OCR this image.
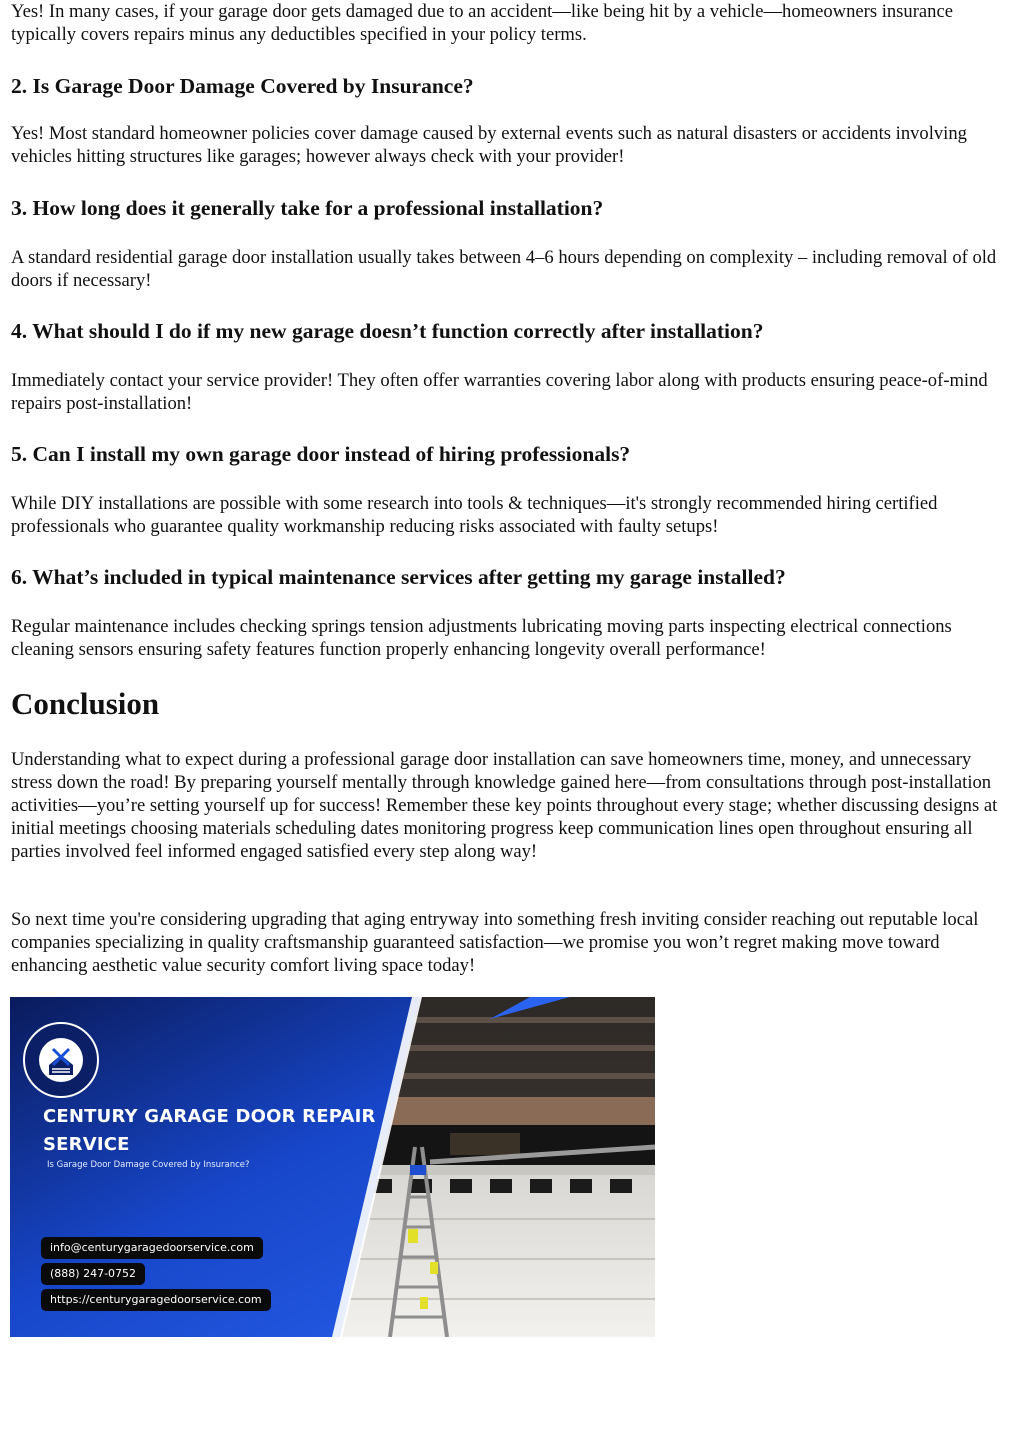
Yes! In many cases, if your garage door gets damaged due to an accident—like being hit by a vehicle—homeowners insurance typically covers repairs minus any deductibles specified in your policy terms.

2. Is Garage Door Damage Covered by Insurance?

Yes! Most standard homeowner policies cover damage caused by external events such as natural disasters or accidents involving vehicles hitting structures like garages; however always check with your provider!

3. How long does it generally take for a professional installation?

A standard residential garage door installation usually takes between 4–6 hours depending on complexity – including removal of old doors if necessary!

4. What should I do if my new garage doesn’t function correctly after installation?

Immediately contact your service provider! They often offer warranties covering labor along with products ensuring peace-of-mind repairs post-installation!

5. Can I install my own garage door instead of hiring professionals?

While DIY installations are possible with some research into tools & techniques—it's strongly recommended hiring certified professionals who guarantee quality workmanship reducing risks associated with faulty setups!

6. What’s included in typical maintenance services after getting my garage installed?

Regular maintenance includes checking springs tension adjustments lubricating moving parts inspecting electrical connections cleaning sensors ensuring safety features function properly enhancing longevity overall performance!

Conclusion

Understanding what to expect during a professional garage door installation can save homeowners time, money, and unnecessary stress down the road! By preparing yourself mentally through knowledge gained here—from consultations through post-installation activities—you’re setting yourself up for success! Remember these key points throughout every stage; whether discussing designs at initial meetings choosing materials scheduling dates monitoring progress keep communication lines open throughout ensuring all parties involved feel informed engaged satisfied every step along way!

So next time you're considering upgrading that aging entryway into something fresh inviting consider reaching out reputable local companies specializing in quality craftsmanship guaranteed satisfaction—we promise you won’t regret making move toward enhancing aesthetic value security comfort living space today!

CENTURY GARAGE DOOR REPAIR SERVICE
Is Garage Door Damage Covered by Insurance?
info@centurygaragedoorservice.com
(888) 247-0752
https://centurygaragedoorservice.com
